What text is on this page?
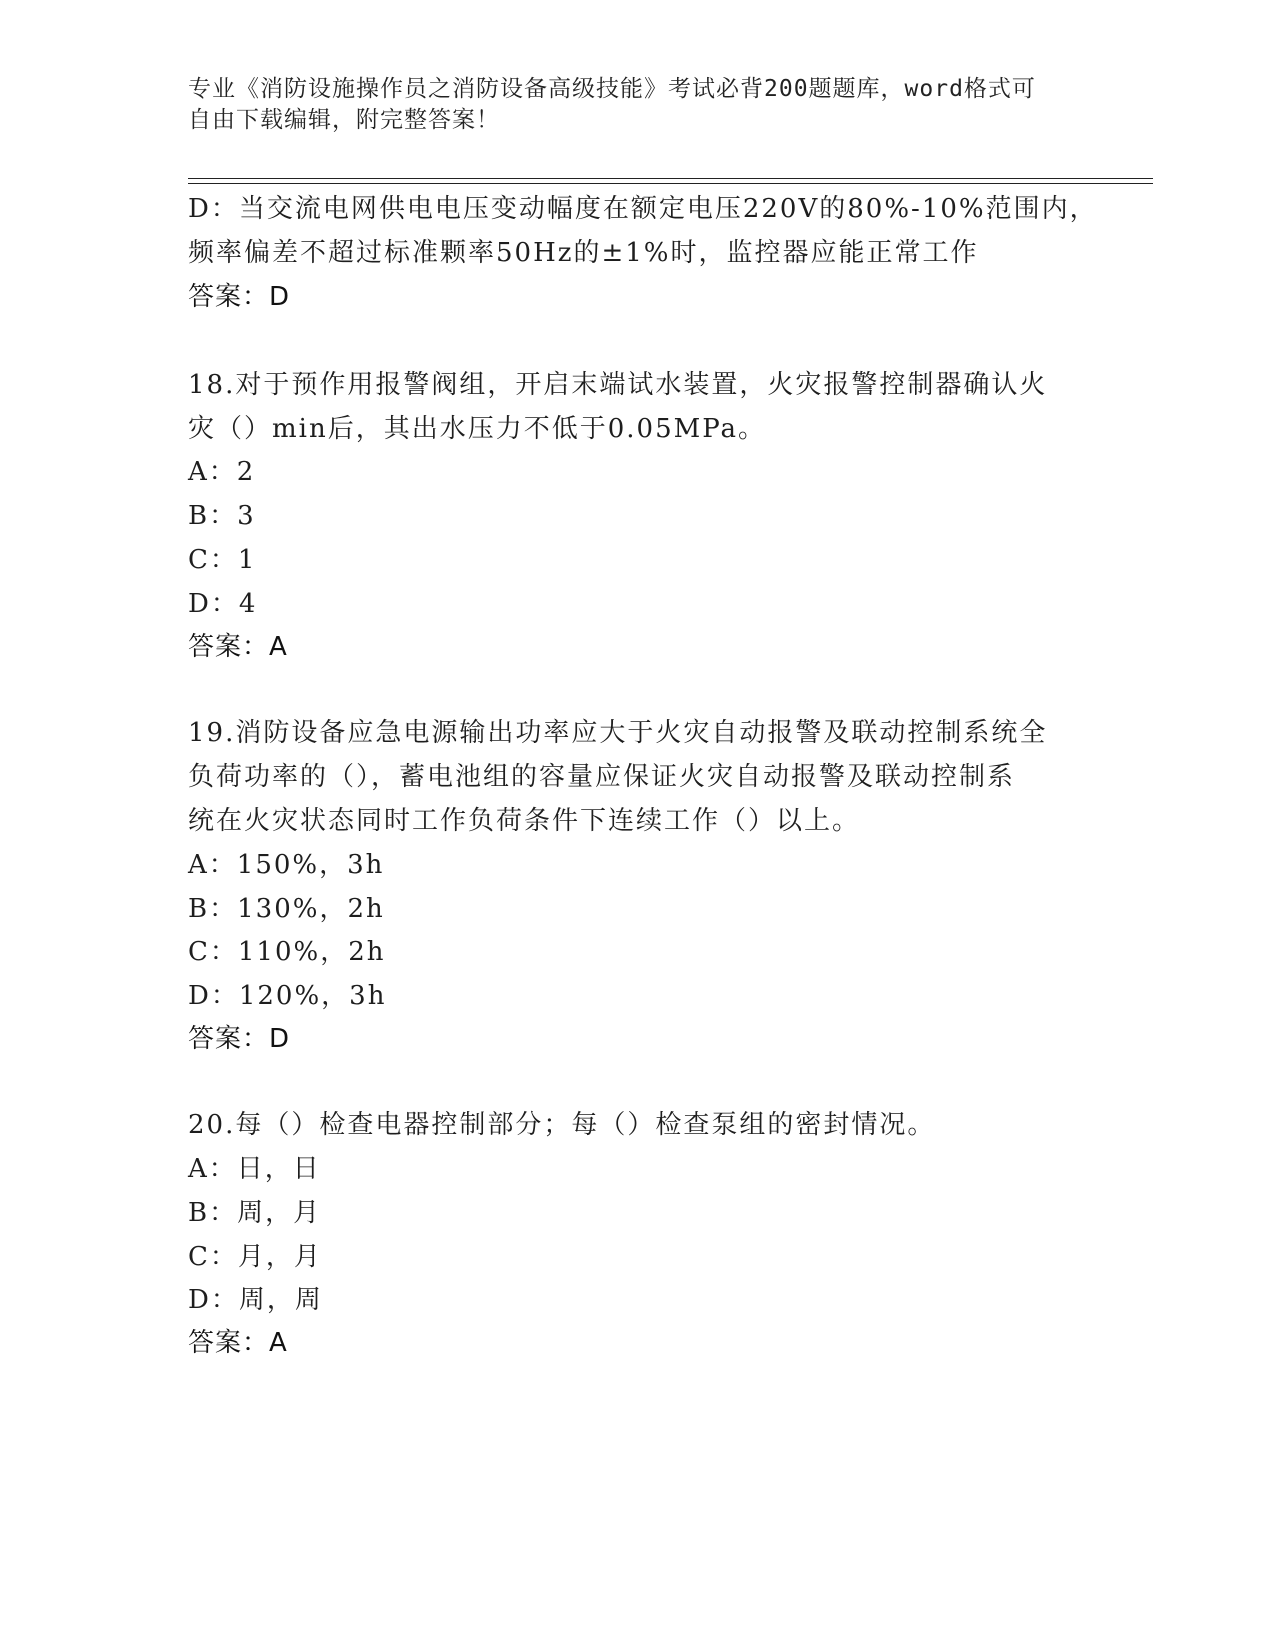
专业《消防设施操作员之消防设备高级技能》考试必背200题题库，word格式可
自由下载编辑，附完整答案！
D：当交流电网供电电压变动幅度在额定电压220V的80%-10%范围内，
频率偏差不超过标准颗率50Hz的±1%时，监控器应能正常工作
答案：D
18.对于预作用报警阀组，开启末端试水装置，火灾报警控制器确认火
灾（）min后，其出水压力不低于0.05MPa。
A：2
B：3
C：1
D：4
答案：A
19.消防设备应急电源输出功率应大于火灾自动报警及联动控制系统全
负荷功率的（），蓄电池组的容量应保证火灾自动报警及联动控制系
统在火灾状态同时工作负荷条件下连续工作（）以上。
A：150%，3h
B：130%，2h
C：110%，2h
D：120%，3h
答案：D
20.每（）检查电器控制部分；每（）检查泵组的密封情况。
A：日，日
B：周，月
C：月，月
D：周，周
答案：A
